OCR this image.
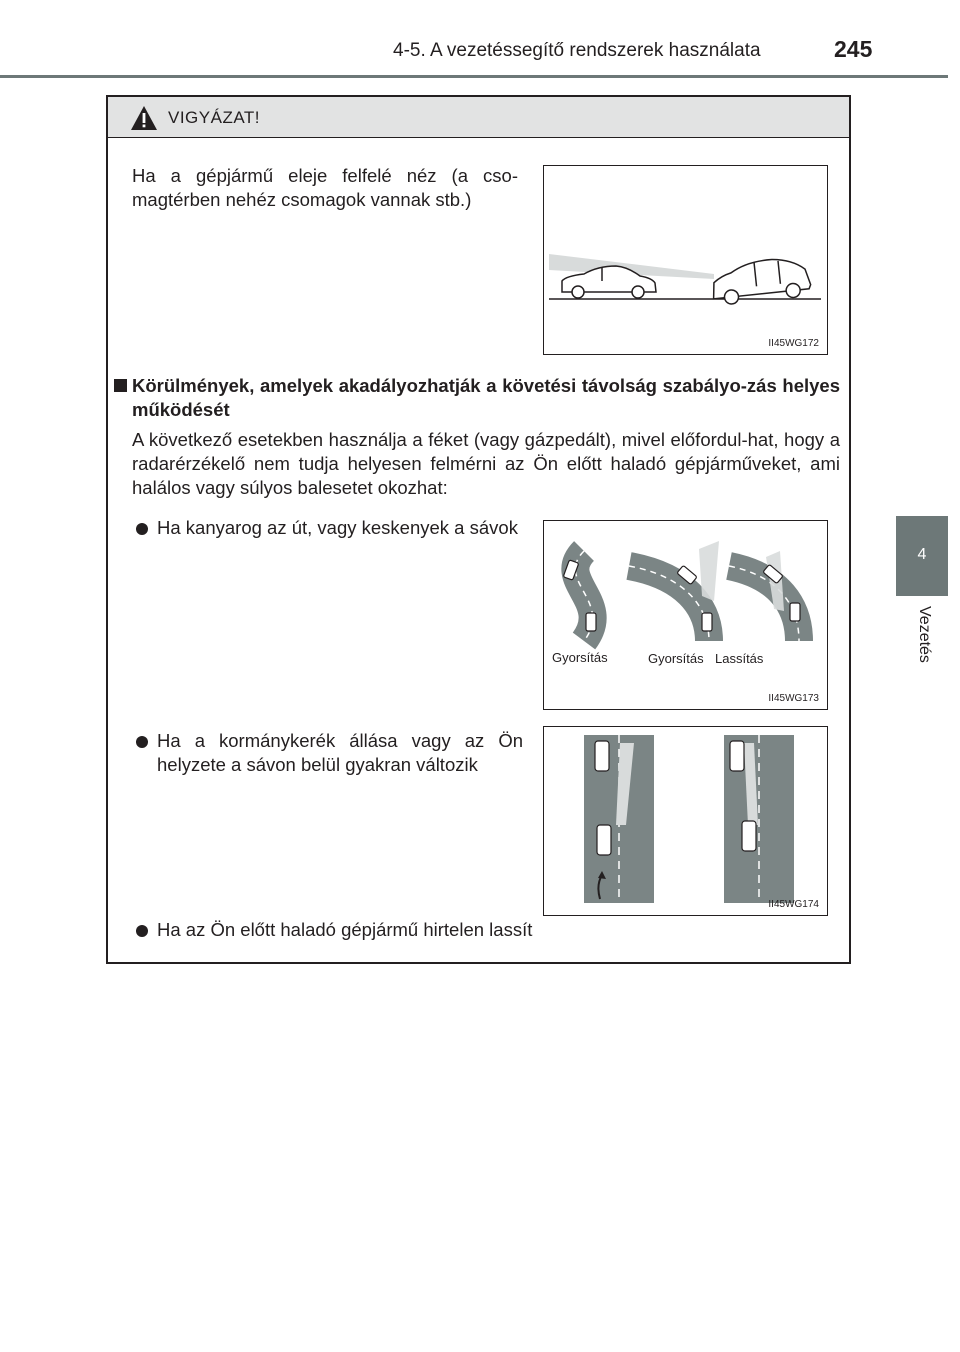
4-5. A vezetéssegítő rendszerek használata	245
4
Vezetés
VIGYÁZAT!

Ha a gépjármű eleje felfelé néz (a cso-magtérben nehéz csomagok vannak stb.)

II45WG172

Körülmények, amelyek akadályozhatják a követési távolság szabályo-zás helyes működését

A következő esetekben használja a féket (vagy gázpedált), mivel előfordul-hat, hogy a radarérzékelő nem tudja helyesen felmérni az Ön előtt haladó gépjárműveket, ami halálos vagy súlyos balesetet okozhat:

Ha kanyarog az út, vagy keskenyek a sávok

Gyorsítás	Gyorsítás Lassítás
II45WG173

Ha a kormánykerék állása vagy az Ön helyzete a sávon belül gyakran változik

II45WG174

Ha az Ön előtt haladó gépjármű hirtelen lassít
